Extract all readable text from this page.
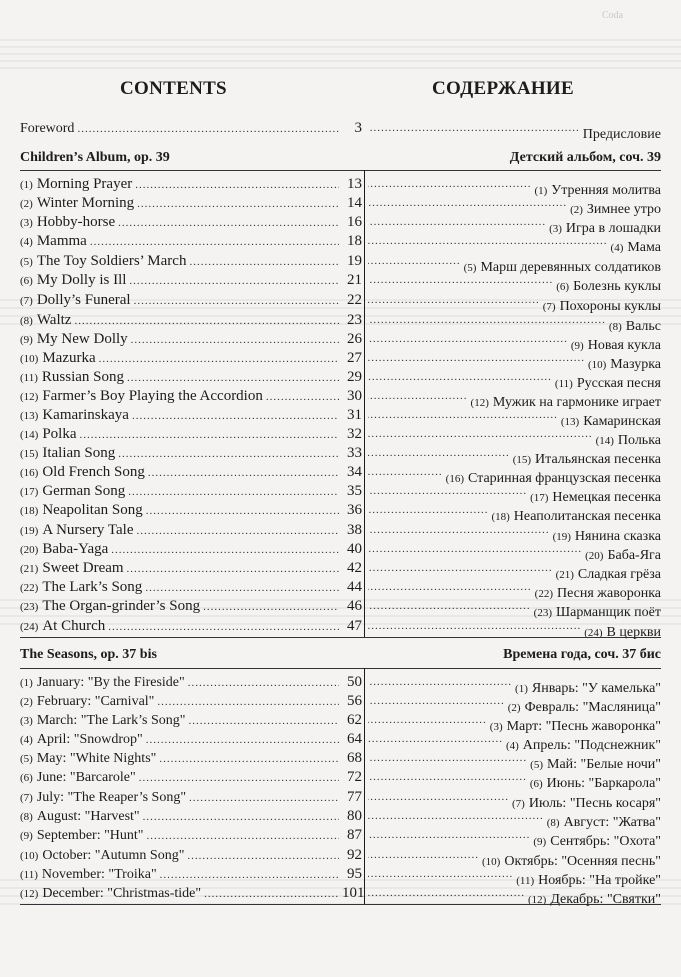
Coda
CONTENTS	СОДЕРЖАНИЕ
Foreword .....	3 .....	Предисловие
Children’s Album, op. 39	Детский альбом, соч. 39
(1) Morning Prayer .....	13 .....	(1) Утренняя молитва
(2) Winter Morning .....	14 .....	(2) Зимнее утро
(3) Hobby-horse .....	16 .....	(3) Игра в лошадки
(4) Mamma .....	18 .....	(4) Мама
(5) The Toy Soldiers’ March .....	19 .....	(5) Марш деревянных солдатиков
(6) My Dolly is Ill .....	21 .....	(6) Болезнь куклы
(7) Dolly’s Funeral .....	22 .....	(7) Похороны куклы
(8) Waltz .....	23 .....	(8) Вальс
(9) My New Dolly .....	26 .....	(9) Новая кукла
(10) Mazurka .....	27 .....	(10) Мазурка
(11) Russian Song .....	29 .....	(11) Русская песня
(12) Farmer’s Boy Playing the Accordion .....	30 .....	(12) Мужик на гармонике играет
(13) Kamarinskaya .....	31 .....	(13) Камаринская
(14) Polka .....	32 .....	(14) Полька
(15) Italian Song .....	33 .....	(15) Итальянская песенка
(16) Old French Song .....	34 .....	(16) Старинная французская песенка
(17) German Song .....	35 .....	(17) Немецкая песенка
(18) Neapolitan Song .....	36 .....	(18) Неаполитанская песенка
(19) A Nursery Tale .....	38 .....	(19) Нянина сказка
(20) Baba-Yaga .....	40 .....	(20) Баба-Яга
(21) Sweet Dream .....	42 .....	(21) Сладкая грёза
(22) The Lark’s Song .....	44 .....	(22) Песня жаворонка
(23) The Organ-grinder’s Song .....	46 .....	(23) Шарманщик поёт
(24) At Church .....	47 .....	(24) В церкви
The Seasons, op. 37 bis	Времена года, соч. 37 бис
(1) January: "By the Fireside" .....	50 .....	(1) Январь: "У камелька"
(2) February: "Carnival" .....	56 .....	(2) Февраль: "Масляница"
(3) March: "The Lark’s Song" .....	62 .....	(3) Март: "Песнь жаворонка"
(4) April: "Snowdrop" .....	64 .....	(4) Апрель: "Подснежник"
(5) May: "White Nights" .....	68 .....	(5) Май: "Белые ночи"
(6) June: "Barcarole" .....	72 .....	(6) Июнь: "Баркарола"
(7) July: "The Reaper’s Song" .....	77 .....	(7) Июль: "Песнь косаря"
(8) August: "Harvest" .....	80 .....	(8) Август: "Жатва"
(9) September: "Hunt" .....	87 .....	(9) Сентябрь: "Охота"
(10) October: "Autumn Song" .....	92 .....	(10) Октябрь: "Осенняя песнь"
(11) November: "Troika" .....	95 .....	(11) Ноябрь: "На тройке"
(12) December: "Christmas-tide" .....	101 .....	(12) Декабрь: "Святки"
